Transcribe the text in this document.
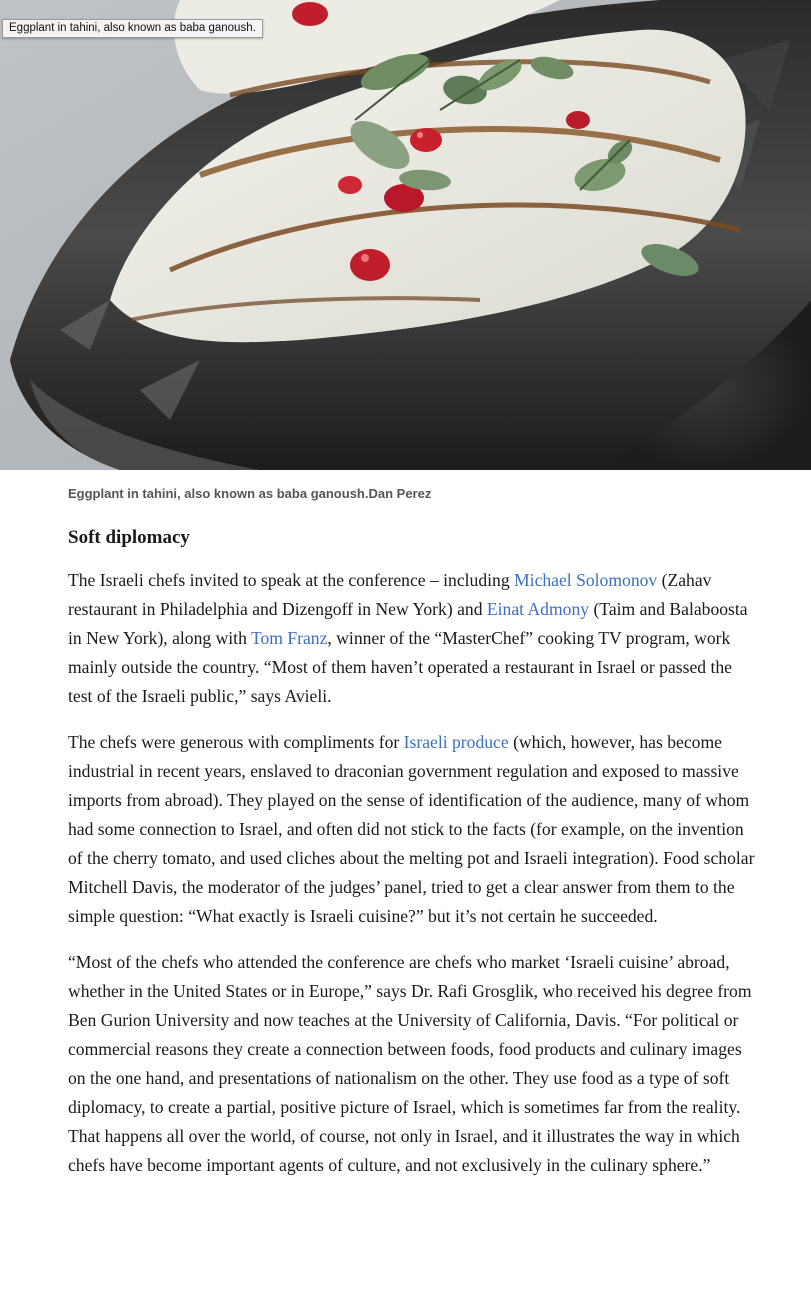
Eggplant in tahini, also known as baba ganoush.
Eggplant in tahini, also known as baba ganoush.Dan Perez
Soft diplomacy

The Israeli chefs invited to speak at the conference – including Michael Solomonov (Zahav restaurant in Philadelphia and Dizengoff in New York) and Einat Admony (Taim and Balaboosta in New York), along with Tom Franz, winner of the “MasterChef” cooking TV program, work mainly outside the country. “Most of them haven’t operated a restaurant in Israel or passed the test of the Israeli public,” says Avieli.

The chefs were generous with compliments for Israeli produce (which, however, has become industrial in recent years, enslaved to draconian government regulation and exposed to massive imports from abroad). They played on the sense of identification of the audience, many of whom had some connection to Israel, and often did not stick to the facts (for example, on the invention of the cherry tomato, and used cliches about the melting pot and Israeli integration). Food scholar Mitchell Davis, the moderator of the judges’ panel, tried to get a clear answer from them to the simple question: “What exactly is Israeli cuisine?” but it’s not certain he succeeded.

“Most of the chefs who attended the conference are chefs who market ‘Israeli cuisine’ abroad, whether in the United States or in Europe,” says Dr. Rafi Grosglik, who received his degree from Ben Gurion University and now teaches at the University of California, Davis. “For political or commercial reasons they create a connection between foods, food products and culinary images on the one hand, and presentations of nationalism on the other. They use food as a type of soft diplomacy, to create a partial, positive picture of Israel, which is sometimes far from the reality. That happens all over the world, of course, not only in Israel, and it illustrates the way in which chefs have become important agents of culture, and not exclusively in the culinary sphere.”
